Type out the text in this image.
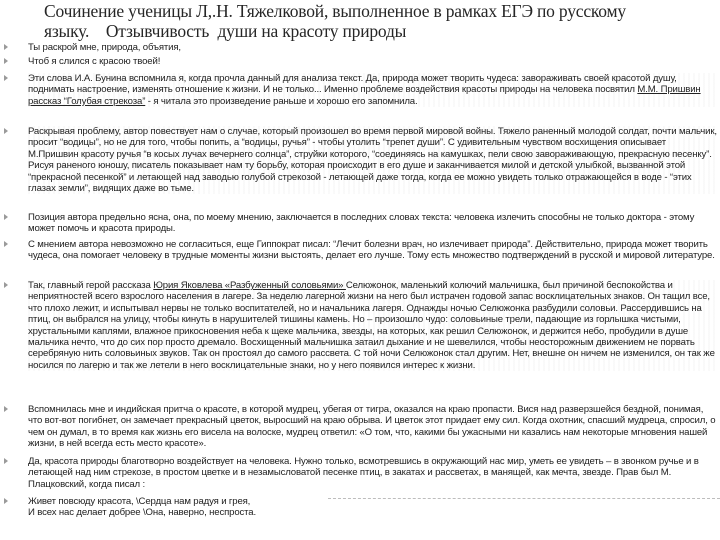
Сочинение ученицы Л,.Н. Тяжелковой, выполненное в рамках ЕГЭ по русскому
языку.    Отзывчивость  души на красоту природы
Ты раскрой мне, природа, объятия,
Чтоб я слился с красою твоей!
Эти слова И.А. Бунина вспомнила я, когда прочла данный для анализа текст. Да, природа может творить чудеса: завораживать своей красотой душу, поднимать настроение, изменять отношение к жизни. И не только... Именно проблеме воздействия красоты природы на человека посвятил М.М. Пришвин рассказ “Голубая стрекоза” - я читала это произведение раньше и хорошо его запомнила.
Раскрывая проблему, автор повествует нам о случае, который произошел во время первой мировой войны. Тяжело раненный молодой солдат, почти мальчик, просит “водицы”, но не для того, чтобы попить, а “водицы, ручья” - чтобы утолить “трепет души”. С удивительным чувством восхищения описывает М.Пришвин красоту ручья “в косых лучах вечернего солнца”, струйки которого, “соединяясь на камушках, пели свою завораживающую, прекрасную песенку”. Рисуя раненого юношу, писатель показывает нам ту борьбу, которая происходит в его душе и заканчивается милой и детской улыбкой, вызванной этой “прекрасной песенкой” и летающей над заводью голубой стрекозой - летающей даже тогда, когда ее можно увидеть только отражающейся в воде - “этих глазах земли”, видящих даже во тьме.
Позиция автора предельно ясна, она, по моему мнению, заключается в последних словах текста: человека излечить способны не только доктора - этому может помочь и красота природы.
С мнением автора невозможно не согласиться, еще Гиппократ писал: “Лечит болезни врач, но излечивает природа”. Действительно, природа может творить чудеса, она помогает человеку в трудные моменты жизни выстоять, делает его лучше. Тому есть множество подтверждений в русской и мировой литературе.
Так, главный герой рассказа Юрия Яковлева «Разбуженный соловьями» Селюжонок, маленький колючий мальчишка, был причиной беспокойства и неприятностей всего взрослого населения в лагере. За неделю лагерной жизни на него был истрачен годовой запас восклицательных знаков. Он тащил все, что плохо лежит, и испытывал нервы не только воспитателей, но и начальника лагеря. Однажды ночью Селюжонка разбудили соловьи. Рассердившись на птиц, он выбрался на улицу, чтобы кинуть в нарушителей тишины камень. Но – произошло чудо: соловьиные трели, падающие из горлышка чистыми, хрустальными каплями, влажное прикосновения неба к щеке мальчика, звезды, на которых, как решил Селюжонок, и держится небо, пробудили в душе мальчика нечто, что до сих пор просто дремало. Восхищенный мальчишка затаил дыхание и не шевелился, чтобы неосторожным движением не порвать серебряную нить соловьиных звуков. Так он простоял до самого рассвета. С той ночи Селюжонок стал другим. Нет, внешне он ничем не изменился, он так же носился по лагерю и так же летели в него восклицательные знаки, но у него появился интерес к жизни.
Вспомнилась мне и индийская притча о красоте, в которой мудрец, убегая от тигра, оказался на краю пропасти. Вися над разверзшейся бездной, понимая, что вот-вот погибнет, он замечает прекрасный цветок, выросший на краю обрыва. И цветок этот придает ему сил. Когда охотник, спасший мудреца, спросил, о чем он думал, в то время как жизнь его висела на волоске, мудрец ответил: «О том, что, какими бы ужасными ни казались нам некоторые мгновения нашей жизни, в ней всегда есть место красоте».
Да, красота природы благотворно воздействует на человека. Нужно только, всмотревшись в окружающий нас мир, уметь ее увидеть – в звонком ручье и в летающей над ним стрекозе, в простом цветке и в незамысловатой песенке птиц, в закатах и рассветах, в манящей, как мечта, звезде. Прав был М. Плацковский, когда писал :
Живет повсюду красота, \Сердца нам радуя и грея,
И всех нас делает добрее \Она, наверно, неспроста.
